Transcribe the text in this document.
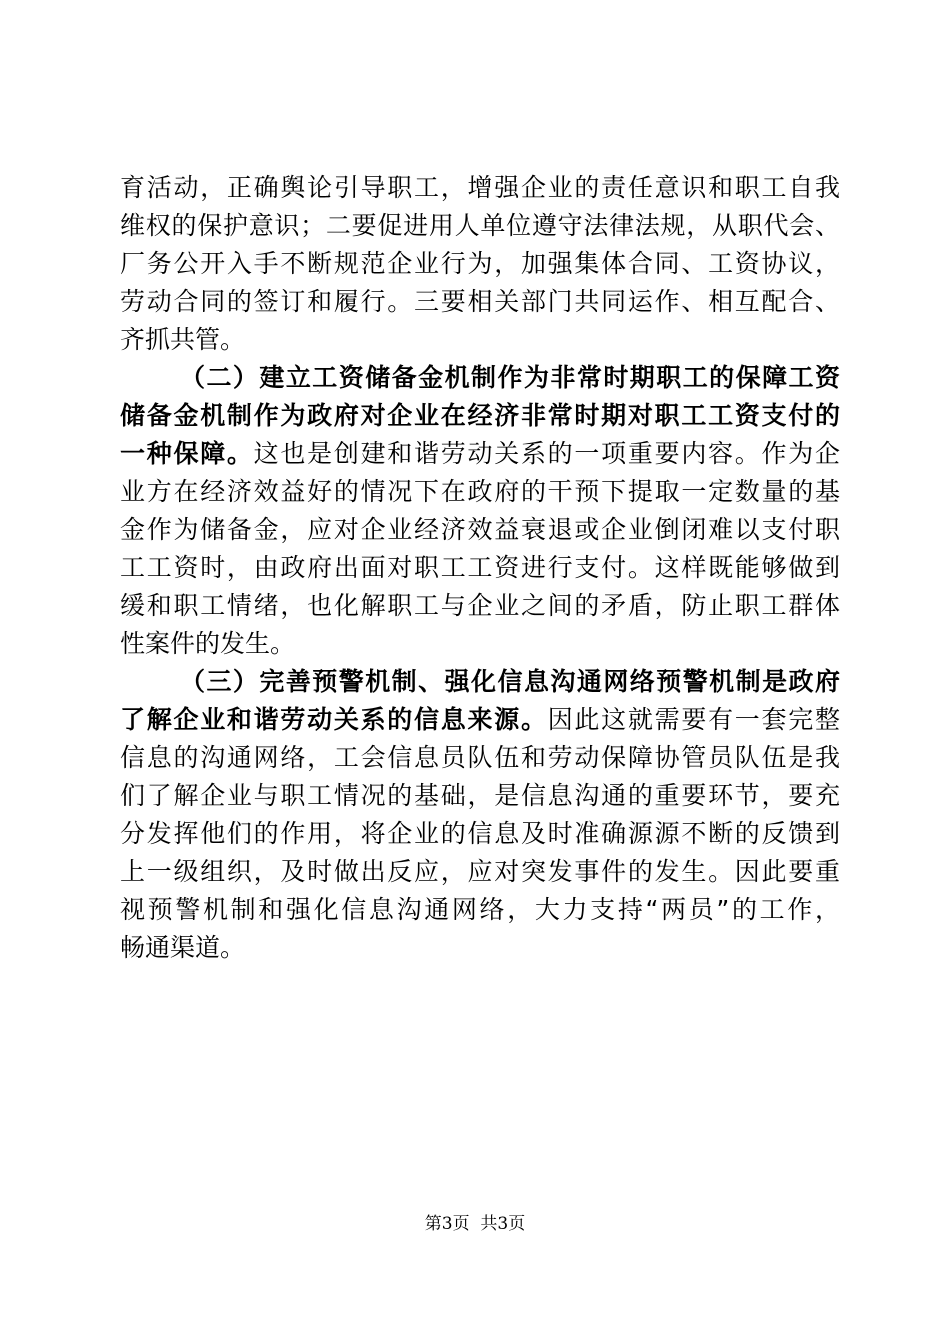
育活动，正确舆论引导职工，增强企业的责任意识和职工自我
维权的保护意识；二要促进用人单位遵守法律法规，从职代会、
厂务公开入手不断规范企业行为，加强集体合同、工资协议，
劳动合同的签订和履行。三要相关部门共同运作、相互配合、
齐抓共管。
（二）建立工资储备金机制作为非常时期职工的保障工资
储备金机制作为政府对企业在经济非常时期对职工工资支付的
一种保障。这也是创建和谐劳动关系的一项重要内容。作为企
业方在经济效益好的情况下在政府的干预下提取一定数量的基
金作为储备金，应对企业经济效益衰退或企业倒闭难以支付职
工工资时，由政府出面对职工工资进行支付。这样既能够做到
缓和职工情绪，也化解职工与企业之间的矛盾，防止职工群体
性案件的发生。
（三）完善预警机制、强化信息沟通网络预警机制是政府
了解企业和谐劳动关系的信息来源。因此这就需要有一套完整
信息的沟通网络，工会信息员队伍和劳动保障协管员队伍是我
们了解企业与职工情况的基础，是信息沟通的重要环节，要充
分发挥他们的作用，将企业的信息及时准确源源不断的反馈到
上一级组织，及时做出反应，应对突发事件的发生。因此要重
视预警机制和强化信息沟通网络，大力支持“两员”的工作，
畅通渠道。
第3页  共3页
